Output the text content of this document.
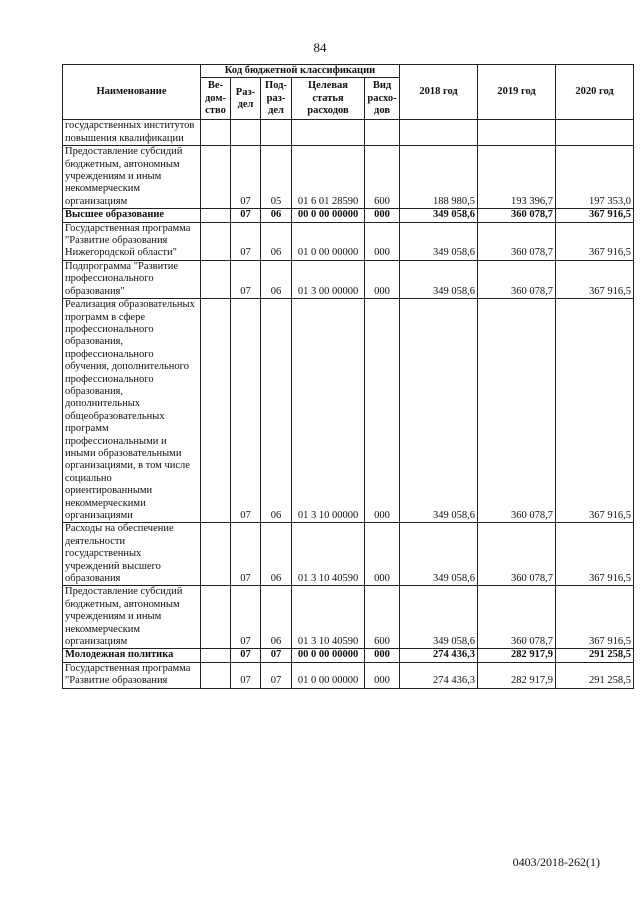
84
Наименование	Код бюджетной классификации					2018 год	2019 год	2020 год
	Ве-дом-ство	Раз-дел	Под-раз-дел	Целевая статья расходов	Вид расхо-дов			
государственных институтов повышения квалификации								
Предоставление субсидий бюджетным, автономным учреждениям и иным некоммерческим организациям		07	05	01 6 01 28590	600	188 980,5	193 396,7	197 353,0
Высшее образование		07	06	00 0 00 00000	000	349 058,6	360 078,7	367 916,5
Государственная программа "Развитие образования Нижегородской области"		07	06	01 0 00 00000	000	349 058,6	360 078,7	367 916,5
Подпрограмма "Развитие профессионального образования"		07	06	01 3 00 00000	000	349 058,6	360 078,7	367 916,5
Реализация образовательных программ в сфере профессионального образования, профессионального обучения, дополнительного профессионального образования, дополнительных общеобразовательных программ профессиональными и иными образовательными организациями, в том числе социально ориентированными некоммерческими организациями		07	06	01 3 10 00000	000	349 058,6	360 078,7	367 916,5
Расходы на обеспечение деятельности государственных учреждений высшего образования		07	06	01 3 10 40590	000	349 058,6	360 078,7	367 916,5
Предоставление субсидий бюджетным, автономным учреждениям и иным некоммерческим организациям		07	06	01 3 10 40590	600	349 058,6	360 078,7	367 916,5
Молодежная политика		07	07	00 0 00 00000	000	274 436,3	282 917,9	291 258,5
Государственная программа "Развитие образования		07	07	01 0 00 00000	000	274 436,3	282 917,9	291 258,5
0403/2018-262(1)
